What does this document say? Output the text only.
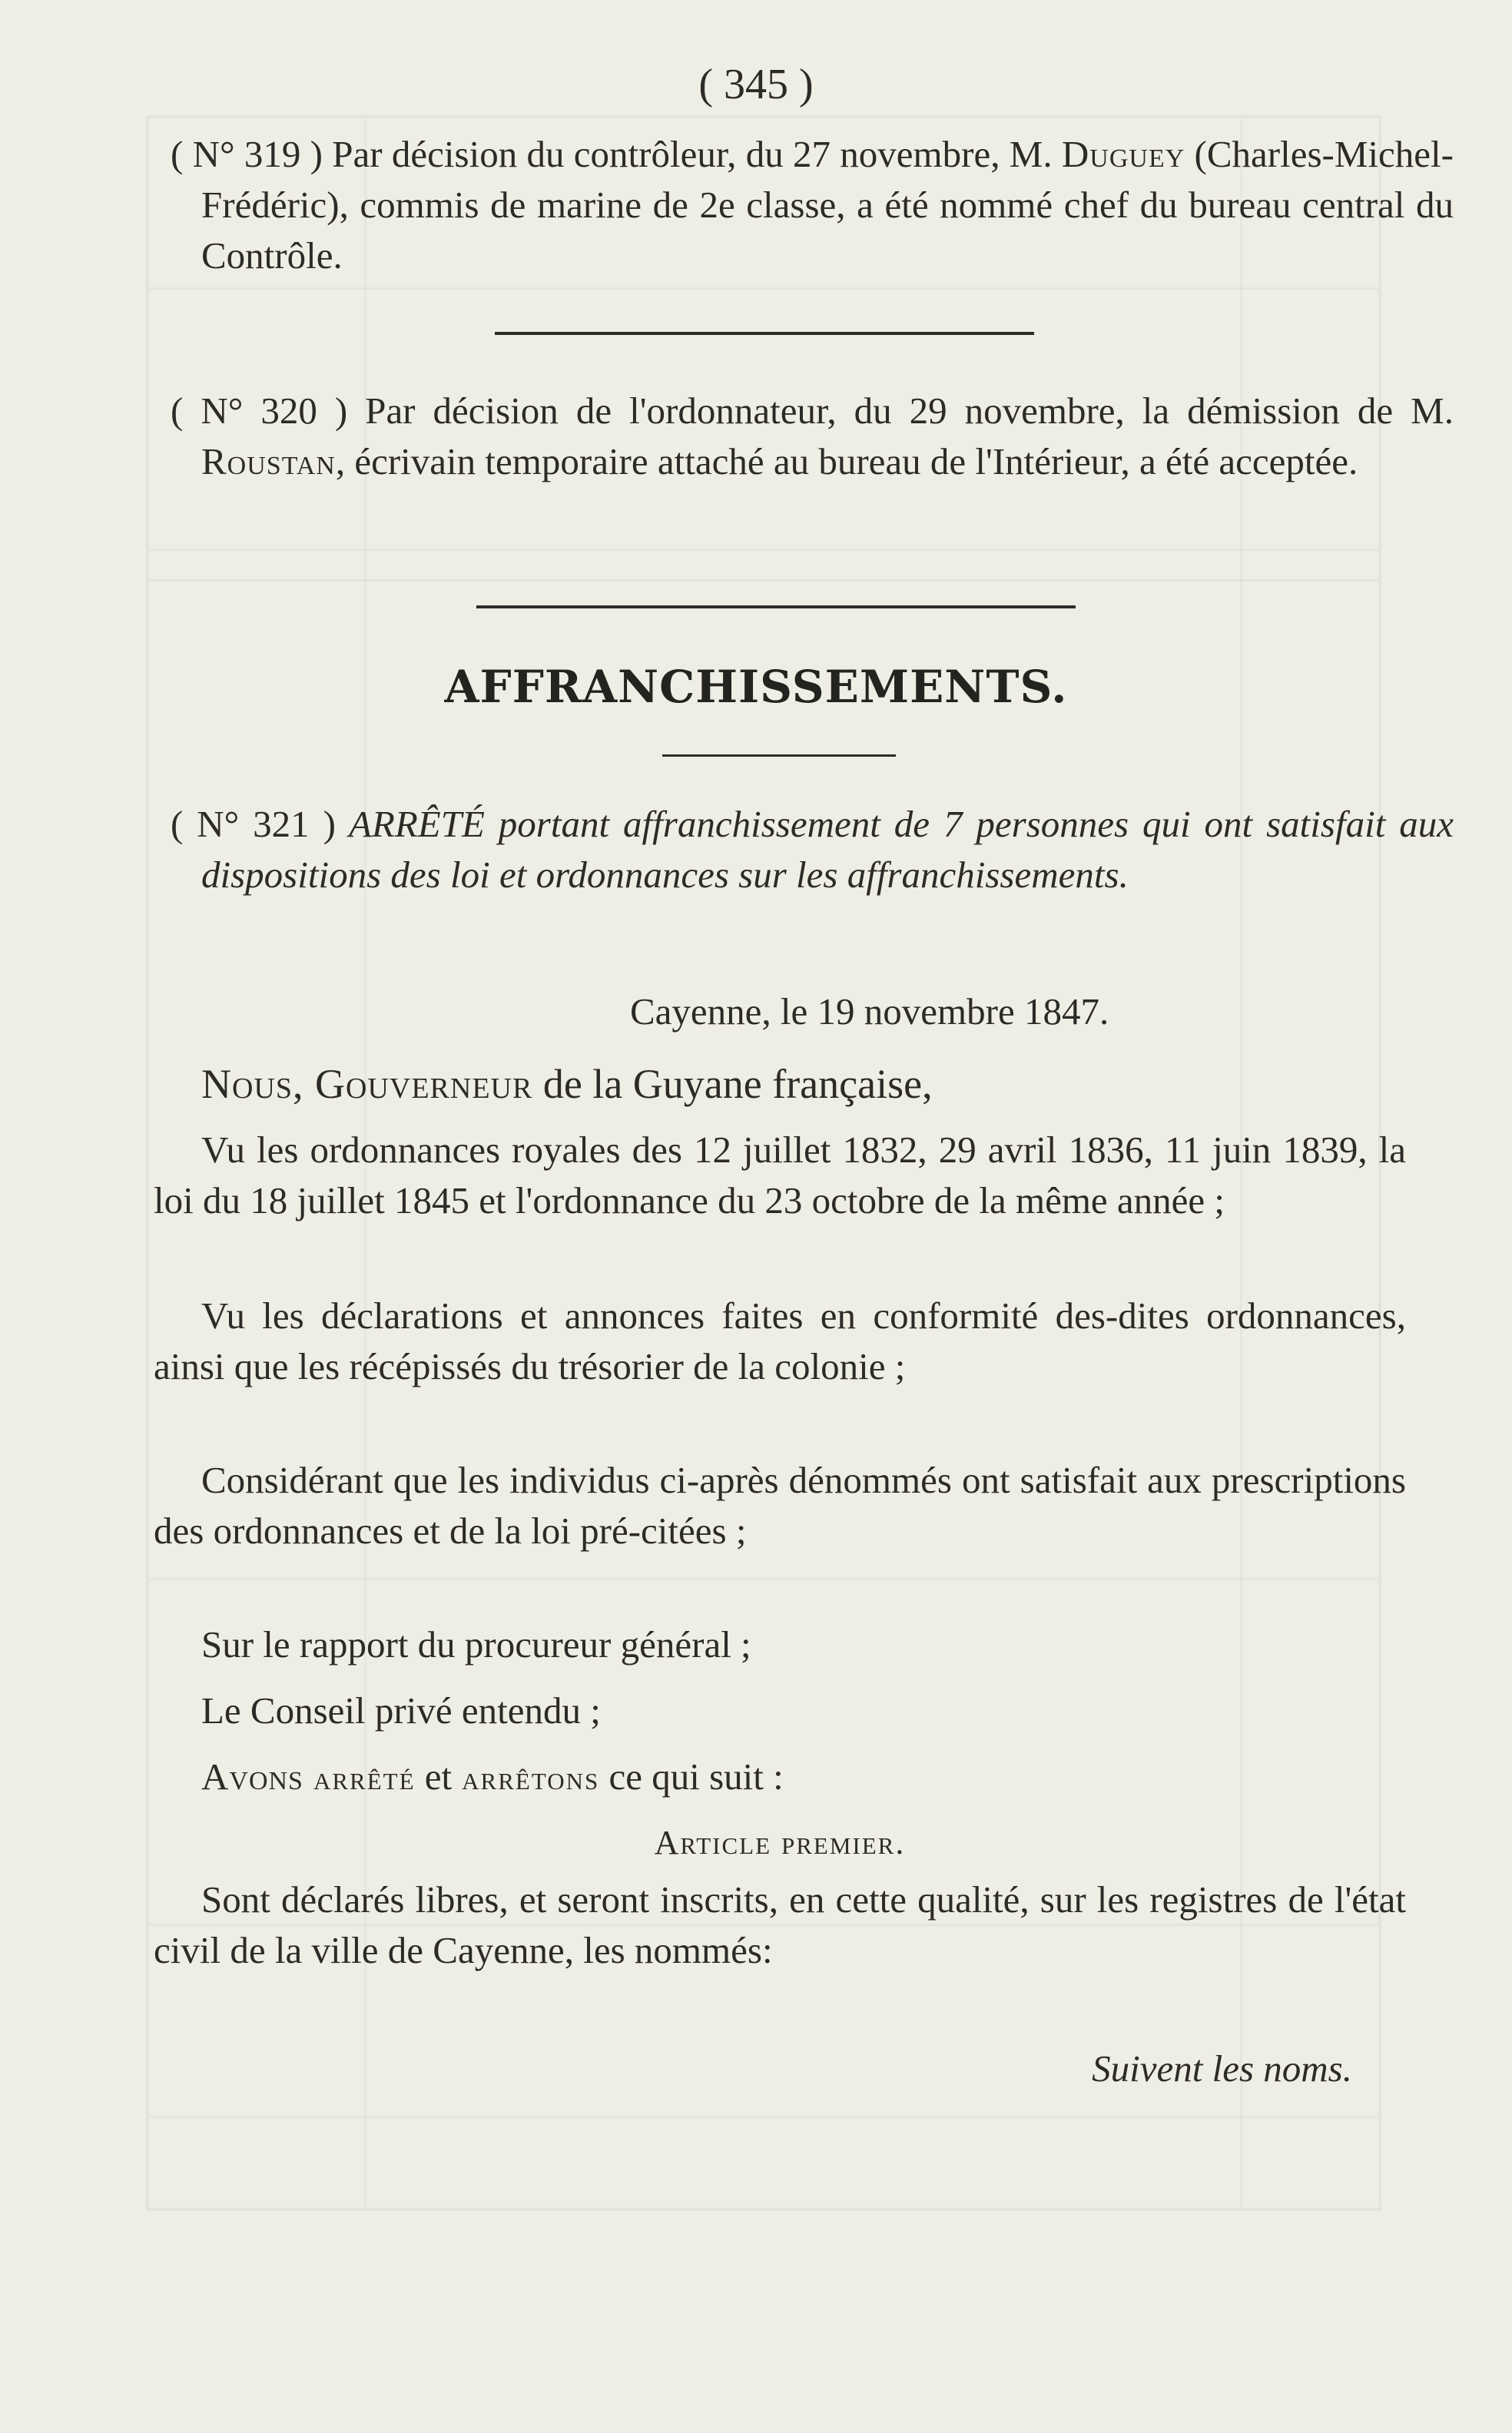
( 345 )
( N° 319 ) Par décision du contrôleur, du 27 novembre, M. Duguey (Charles-Michel-Frédéric), commis de marine de 2e classe, a été nommé chef du bureau central du Contrôle.
( N° 320 ) Par décision de l'ordonnateur, du 29 novembre, la démission de M. Roustan, écrivain temporaire attaché au bureau de l'Intérieur, a été acceptée.
AFFRANCHISSEMENTS.
( N° 321 ) ARRÊTÉ portant affranchissement de 7 personnes qui ont satisfait aux dispositions des loi et ordonnances sur les affranchissements.
Cayenne, le 19 novembre 1847.
Nous, Gouverneur de la Guyane française,
Vu les ordonnances royales des 12 juillet 1832, 29 avril 1836, 11 juin 1839, la loi du 18 juillet 1845 et l'ordonnance du 23 octobre de la même année ;
Vu les déclarations et annonces faites en conformité des-dites ordonnances, ainsi que les récépissés du trésorier de la colonie ;
Considérant que les individus ci-après dénommés ont satisfait aux prescriptions des ordonnances et de la loi pré-citées ;
Sur le rapport du procureur général ;
Le Conseil privé entendu ;
Avons arrêté et arrêtons ce qui suit :
Article premier.
Sont déclarés libres, et seront inscrits, en cette qualité, sur les registres de l'état civil de la ville de Cayenne, les nommés:
Suivent les noms.
